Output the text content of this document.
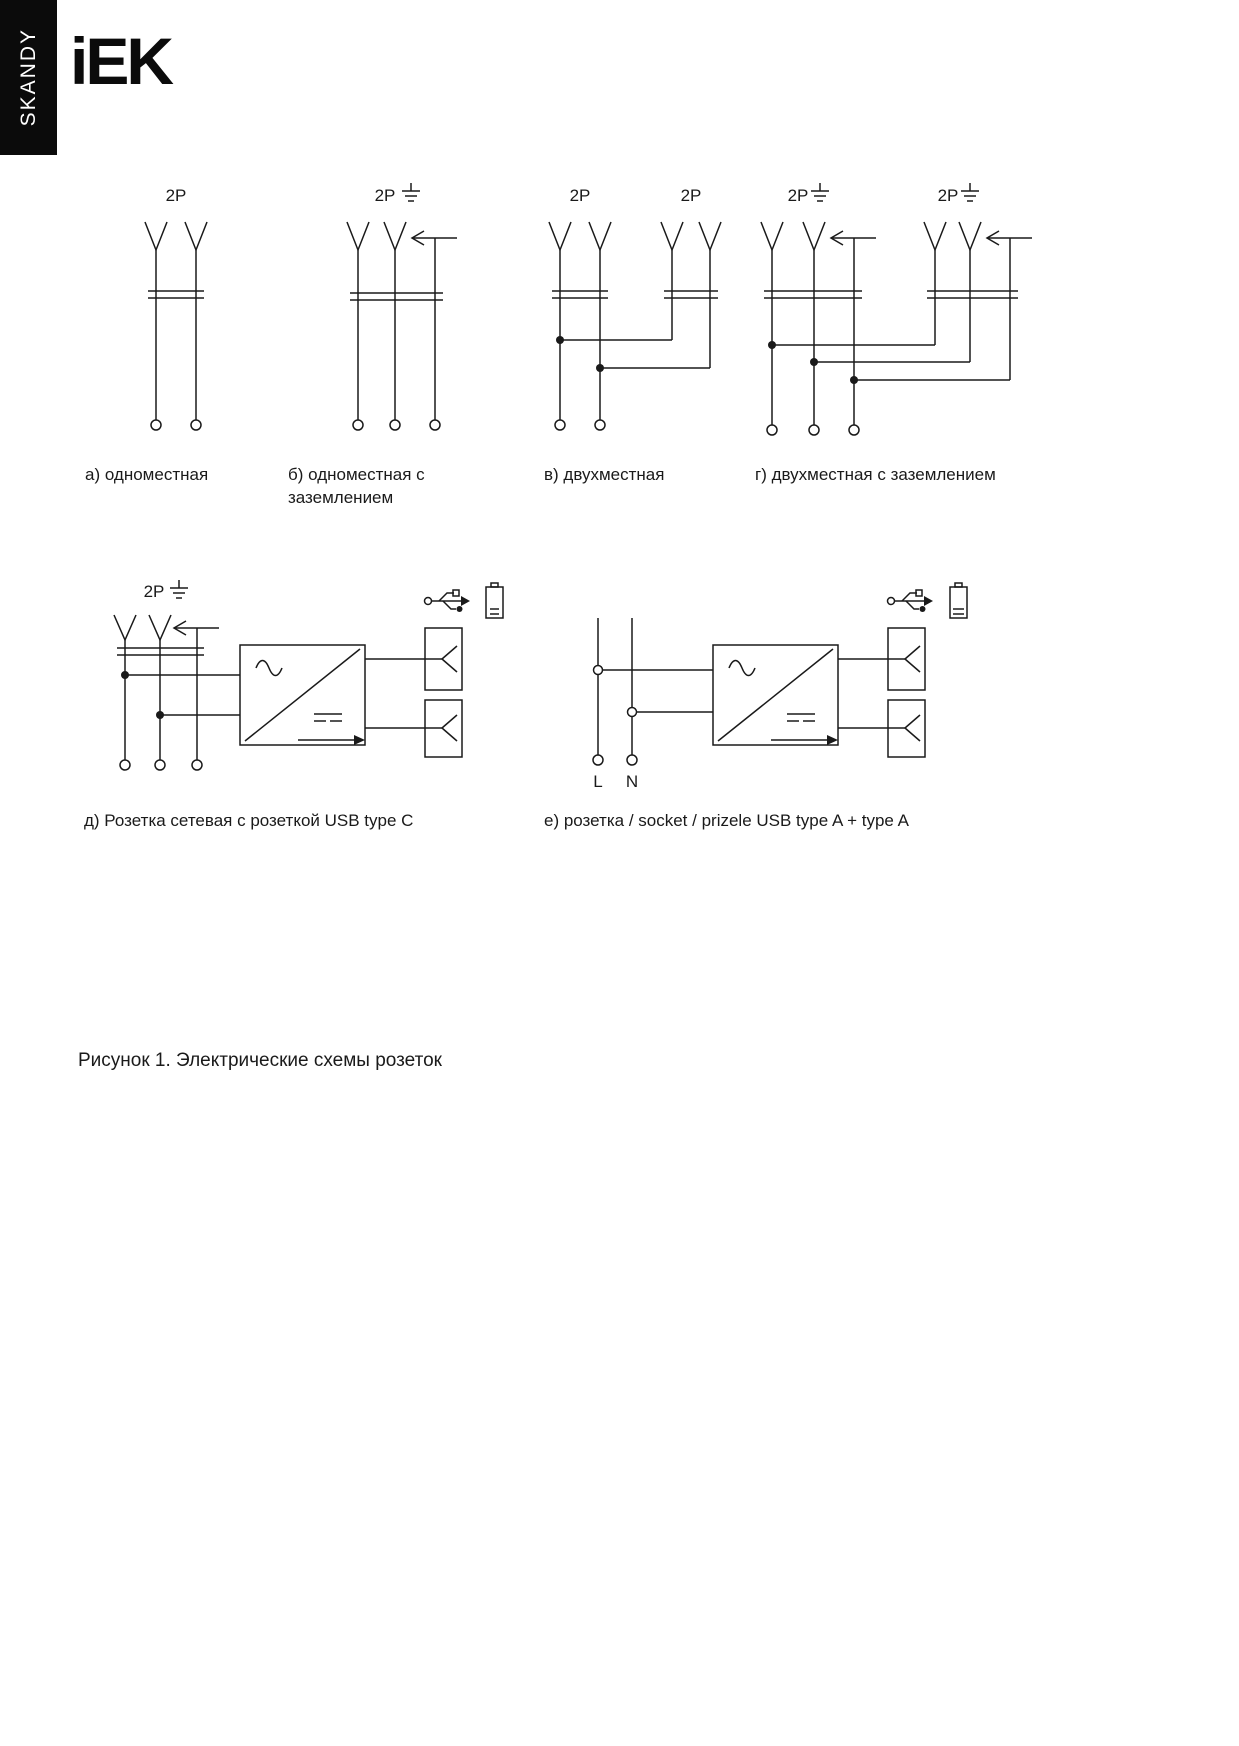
SKANDY iEK
2P	2P	2P	2P	2P	2P
2P
L N
а) одноместная	б) одноместная с заземлением
в) двухместная	г) двухместная с заземлением
д) Розетка сетевая с розеткой USB type C	е) розетка / socket / prizele USB type A + type A
Рисунок 1. Электрические схемы розеток
